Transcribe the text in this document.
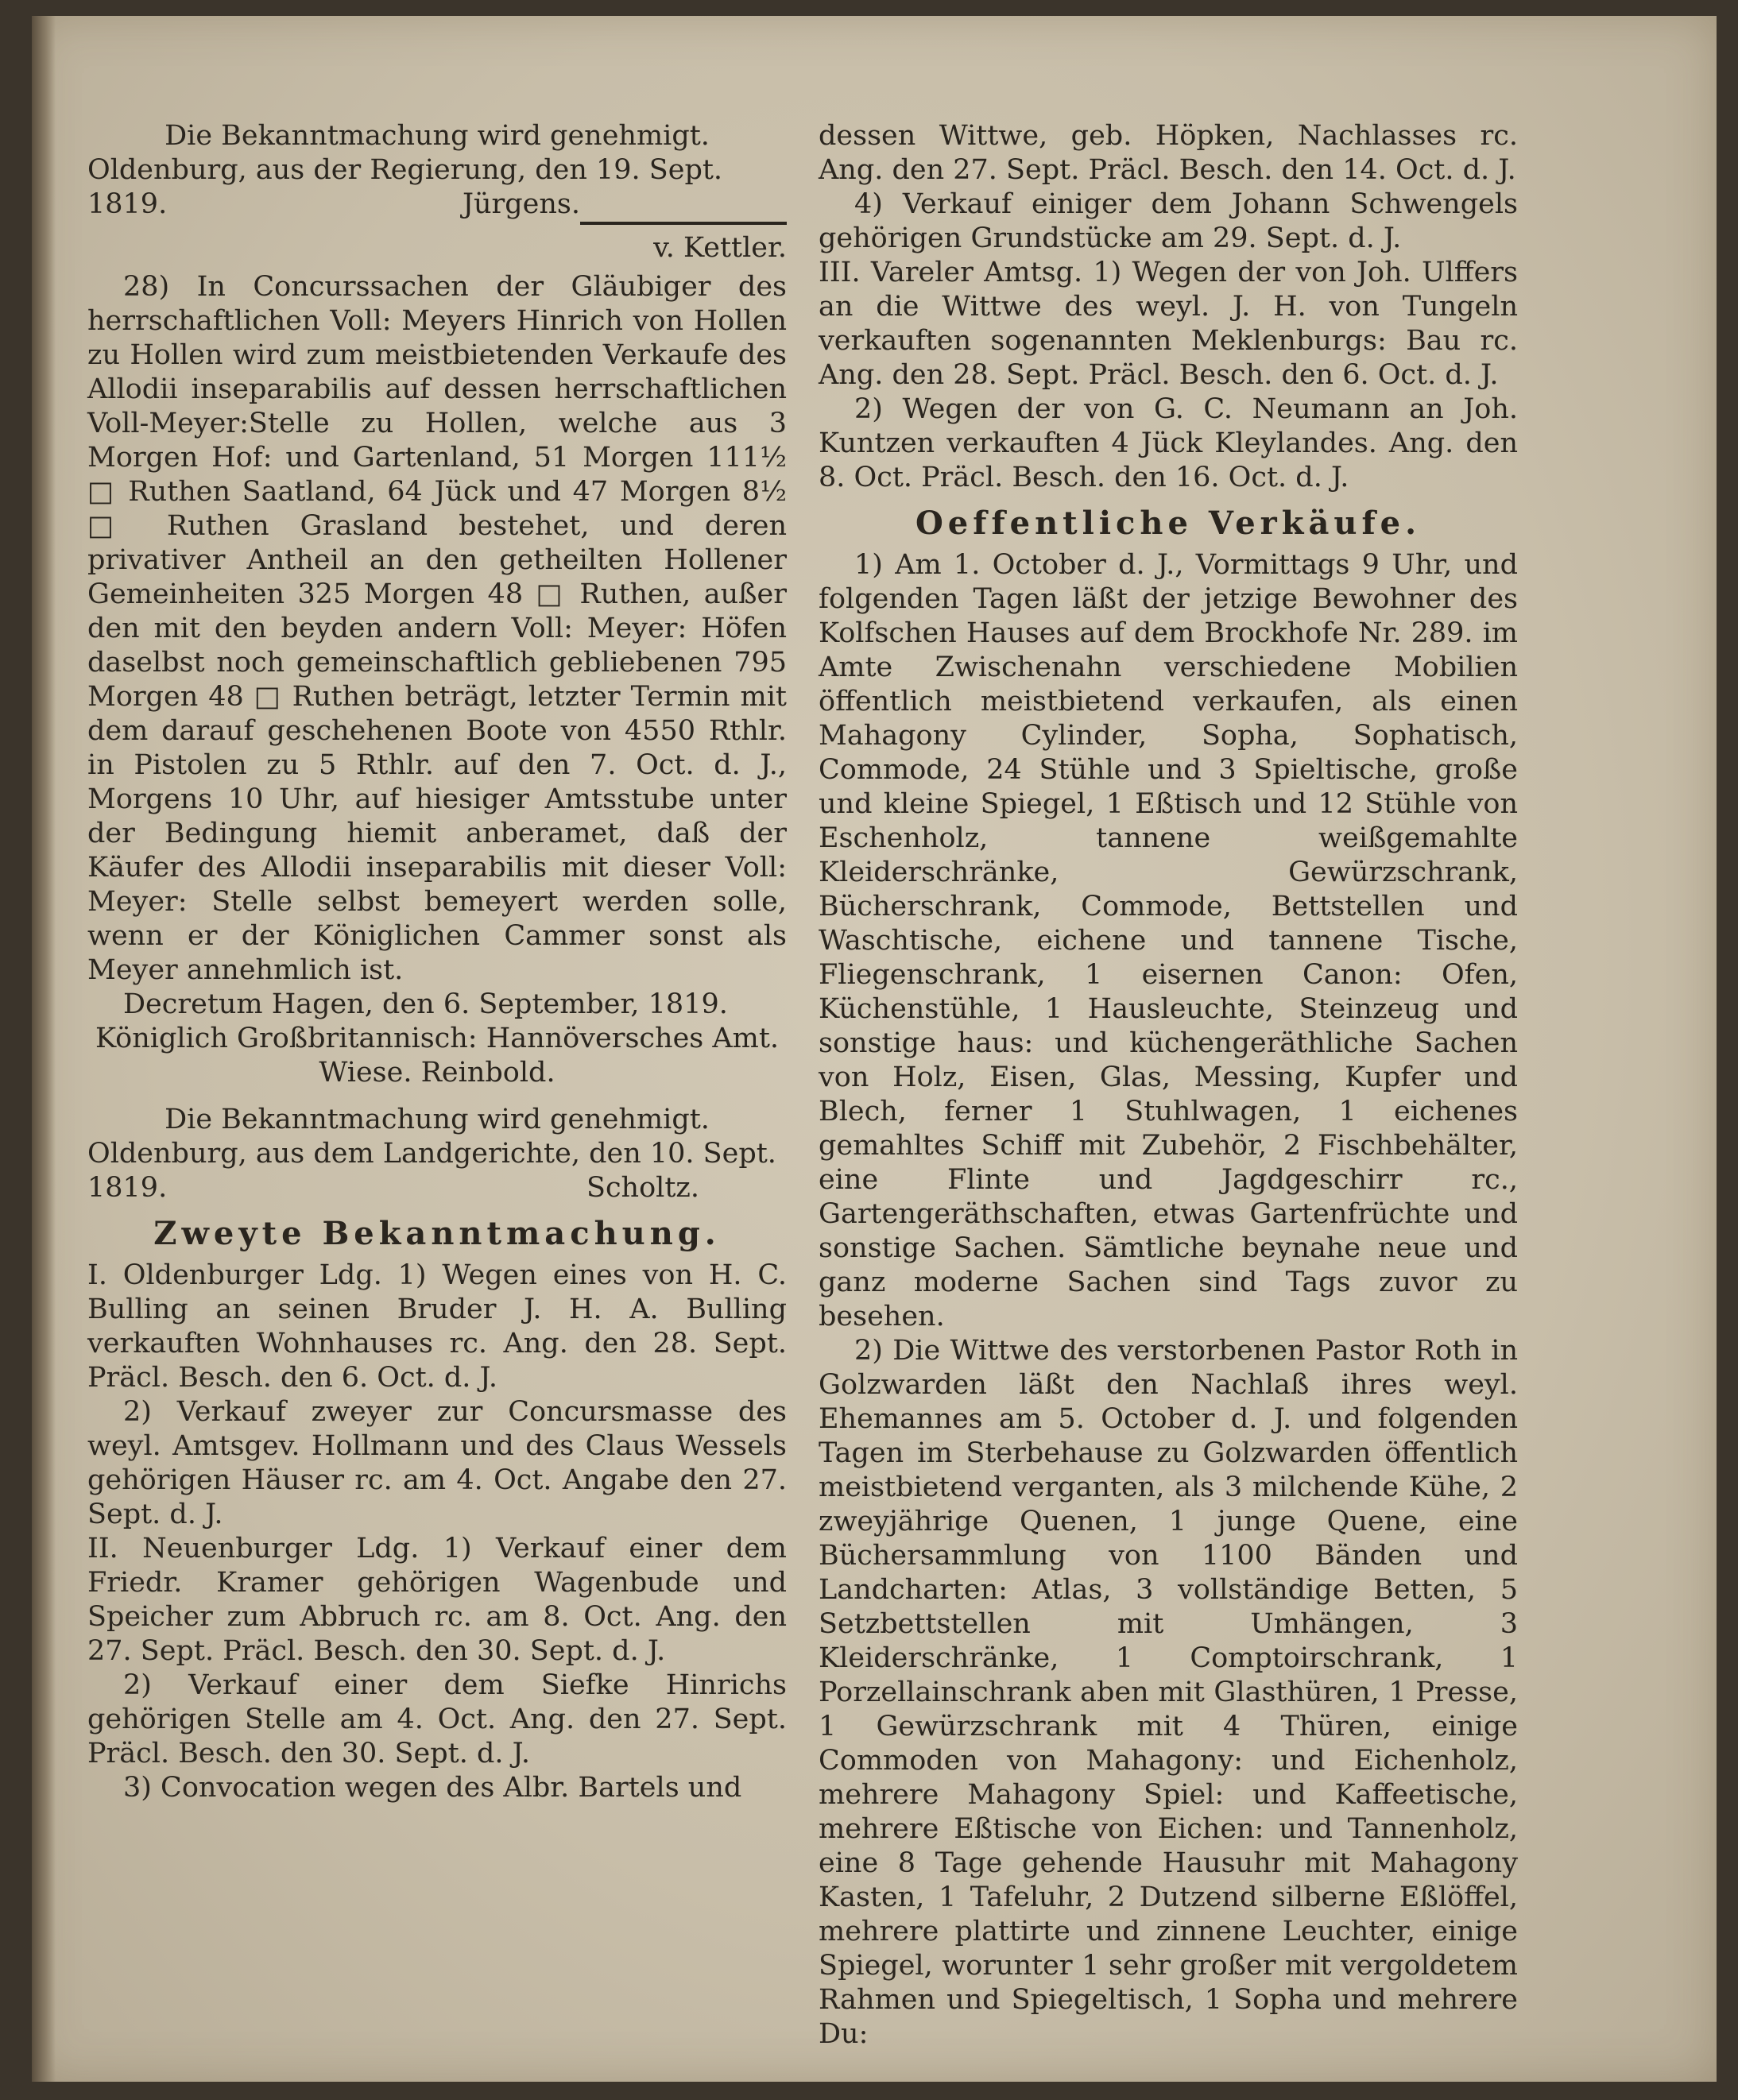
Die Bekanntmachung wird genehmigt.

Oldenburg, aus der Regierung, den 19. Sept.

1819.	Jürgens.

v. Kettler.

28) In Concurssachen der Gläubiger des herrschaftlichen Voll: Meyers Hinrich von Hollen zu Hollen wird zum meistbietenden Verkaufe des Allodii inseparabilis auf dessen herrschaftlichen Voll-Meyer:Stelle zu Hollen, welche aus 3 Morgen Hof: und Gartenland, 51 Morgen 111½ □ Ruthen Saatland, 64 Jück und 47 Morgen 8½ □ Ruthen Grasland bestehet, und deren privativer Antheil an den getheilten Hollener Gemeinheiten 325 Morgen 48 □ Ruthen, außer den mit den beyden andern Voll: Meyer: Höfen daselbst noch gemeinschaftlich gebliebenen 795 Morgen 48 □ Ruthen beträgt, letzter Termin mit dem darauf geschehenen Boote von 4550 Rthlr. in Pistolen zu 5 Rthlr. auf den 7. Oct. d. J., Morgens 10 Uhr, auf hiesiger Amtsstube unter der Bedingung hiemit anberamet, daß der Käufer des Allodii inseparabilis mit dieser Voll: Meyer: Stelle selbst bemeyert werden solle, wenn er der Königlichen Cammer sonst als Meyer annehmlich ist.

Decretum Hagen, den 6. September, 1819.

Königlich Großbritannisch: Hannöversches Amt.

Wiese. Reinbold.

Die Bekanntmachung wird genehmigt.

Oldenburg, aus dem Landgerichte, den 10. Sept.

1819.	Scholtz.

Zweyte Bekanntmachung.

I. Oldenburger Ldg. 1) Wegen eines von H. C. Bulling an seinen Bruder J. H. A. Bulling verkauften Wohnhauses rc. Ang. den 28. Sept. Präcl. Besch. den 6. Oct. d. J.

2) Verkauf zweyer zur Concursmasse des weyl. Amtsgev. Hollmann und des Claus Wessels gehörigen Häuser rc. am 4. Oct. Angabe den 27. Sept. d. J.

II. Neuenburger Ldg. 1) Verkauf einer dem Friedr. Kramer gehörigen Wagenbude und Speicher zum Abbruch rc. am 8. Oct. Ang. den 27. Sept. Präcl. Besch. den 30. Sept. d. J.

2) Verkauf einer dem Siefke Hinrichs gehörigen Stelle am 4. Oct. Ang. den 27. Sept. Präcl. Besch. den 30. Sept. d. J.

3) Convocation wegen des Albr. Bartels und

dessen Wittwe, geb. Höpken, Nachlasses rc. Ang. den 27. Sept. Präcl. Besch. den 14. Oct. d. J.

4) Verkauf einiger dem Johann Schwengels gehörigen Grundstücke am 29. Sept. d. J.

III. Vareler Amtsg. 1) Wegen der von Joh. Ulffers an die Wittwe des weyl. J. H. von Tungeln verkauften sogenannten Meklenburgs: Bau rc. Ang. den 28. Sept. Präcl. Besch. den 6. Oct. d. J.

2) Wegen der von G. C. Neumann an Joh. Kuntzen verkauften 4 Jück Kleylandes. Ang. den 8. Oct. Präcl. Besch. den 16. Oct. d. J.

Oeffentliche Verkäufe.

1) Am 1. October d. J., Vormittags 9 Uhr, und folgenden Tagen läßt der jetzige Bewohner des Kolfschen Hauses auf dem Brockhofe Nr. 289. im Amte Zwischenahn verschiedene Mobilien öffentlich meistbietend verkaufen, als einen Mahagony Cylinder, Sopha, Sophatisch, Commode, 24 Stühle und 3 Spieltische, große und kleine Spiegel, 1 Eßtisch und 12 Stühle von Eschenholz, tannene weißgemahlte Kleiderschränke, Gewürzschrank, Bücherschrank, Commode, Bettstellen und Waschtische, eichene und tannene Tische, Fliegenschrank, 1 eisernen Canon: Ofen, Küchenstühle, 1 Hausleuchte, Steinzeug und sonstige haus: und küchengeräthliche Sachen von Holz, Eisen, Glas, Messing, Kupfer und Blech, ferner 1 Stuhlwagen, 1 eichenes gemahltes Schiff mit Zubehör, 2 Fischbehälter, eine Flinte und Jagdgeschirr rc., Gartengeräthschaften, etwas Gartenfrüchte und sonstige Sachen. Sämtliche beynahe neue und ganz moderne Sachen sind Tags zuvor zu besehen.

2) Die Wittwe des verstorbenen Pastor Roth in Golzwarden läßt den Nachlaß ihres weyl. Ehemannes am 5. October d. J. und folgenden Tagen im Sterbehause zu Golzwarden öffentlich meistbietend verganten, als 3 milchende Kühe, 2 zweyjährige Quenen, 1 junge Quene, eine Büchersammlung von 1100 Bänden und Landcharten: Atlas, 3 vollständige Betten, 5 Setzbettstellen mit Umhängen, 3 Kleiderschränke, 1 Comptoirschrank, 1 Porzellainschrank aben mit Glasthüren, 1 Presse, 1 Gewürzschrank mit 4 Thüren, einige Commoden von Mahagony: und Eichenholz, mehrere Mahagony Spiel: und Kaffeetische, mehrere Eßtische von Eichen: und Tannenholz, eine 8 Tage gehende Hausuhr mit Mahagony Kasten, 1 Tafeluhr, 2 Dutzend silberne Eßlöffel, mehrere plattirte und zinnene Leuchter, einige Spiegel, worunter 1 sehr großer mit vergoldetem Rahmen und Spiegeltisch, 1 Sopha und mehrere Du:
